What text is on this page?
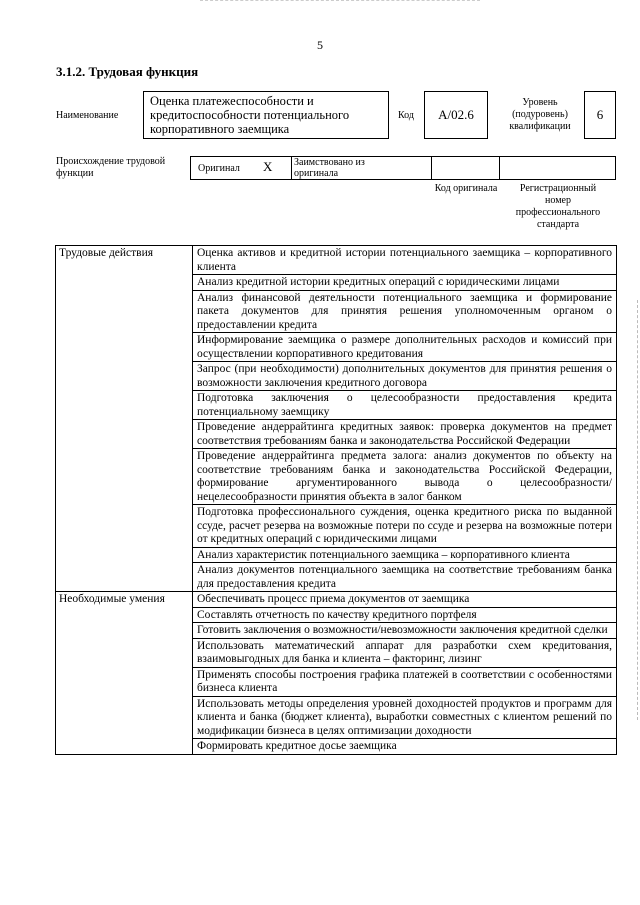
5
3.1.2. Трудовая функция
Наименование
Оценка платежеспособности и кредитоспособности потенциального корпоративного заемщика
Код A/02.6
Уровень (подуровень) квалификации
6
Происхождение трудовой функции	Оригинал X Заимствовано из оригинала
Код оригинала	Регистрационный номер профессионального стандарта
Трудовые действия	Оценка активов и кредитной истории потенциального заемщика – корпоративного клиента
	Анализ кредитной истории кредитных операций с юридическими лицами
	Анализ финансовой деятельности потенциального заемщика и формирование пакета документов для принятия решения уполномоченным органом о предоставлении кредита
	Информирование заемщика о размере дополнительных расходов и комиссий при осуществлении корпоративного кредитования
	Запрос (при необходимости) дополнительных документов для принятия решения о возможности заключения кредитного договора
	Подготовка заключения о целесообразности предоставления кредита потенциальному заемщику
	Проведение андеррайтинга кредитных заявок: проверка документов на предмет соответствия требованиям банка и законодательства Российской Федерации
	Проведение андеррайтинга предмета залога: анализ документов по объекту на соответствие требованиям банка и законодательства Российской Федерации, формирование аргументированного вывода о целесообразности/ нецелесообразности принятия объекта в залог банком
	Подготовка профессионального суждения, оценка кредитного риска по выданной ссуде, расчет резерва на возможные потери по ссуде и резерва на возможные потери от кредитных операций с юридическими лицами
	Анализ характеристик потенциального заемщика – корпоративного клиента
	Анализ документов потенциального заемщика на соответствие требованиям банка для предоставления кредита
Необходимые умения	Обеспечивать процесс приема документов от заемщика
	Составлять отчетность по качеству кредитного портфеля
	Готовить заключения о возможности/невозможности заключения кредитной сделки
	Использовать математический аппарат для разработки схем кредитования, взаимовыгодных для банка и клиента – факторинг, лизинг
	Применять способы построения графика платежей в соответствии с особенностями бизнеса клиента
	Использовать методы определения уровней доходностей продуктов и программ для клиента и банка (бюджет клиента), выработки совместных с клиентом решений по модификации бизнеса в целях оптимизации доходности
	Формировать кредитное досье заемщика
